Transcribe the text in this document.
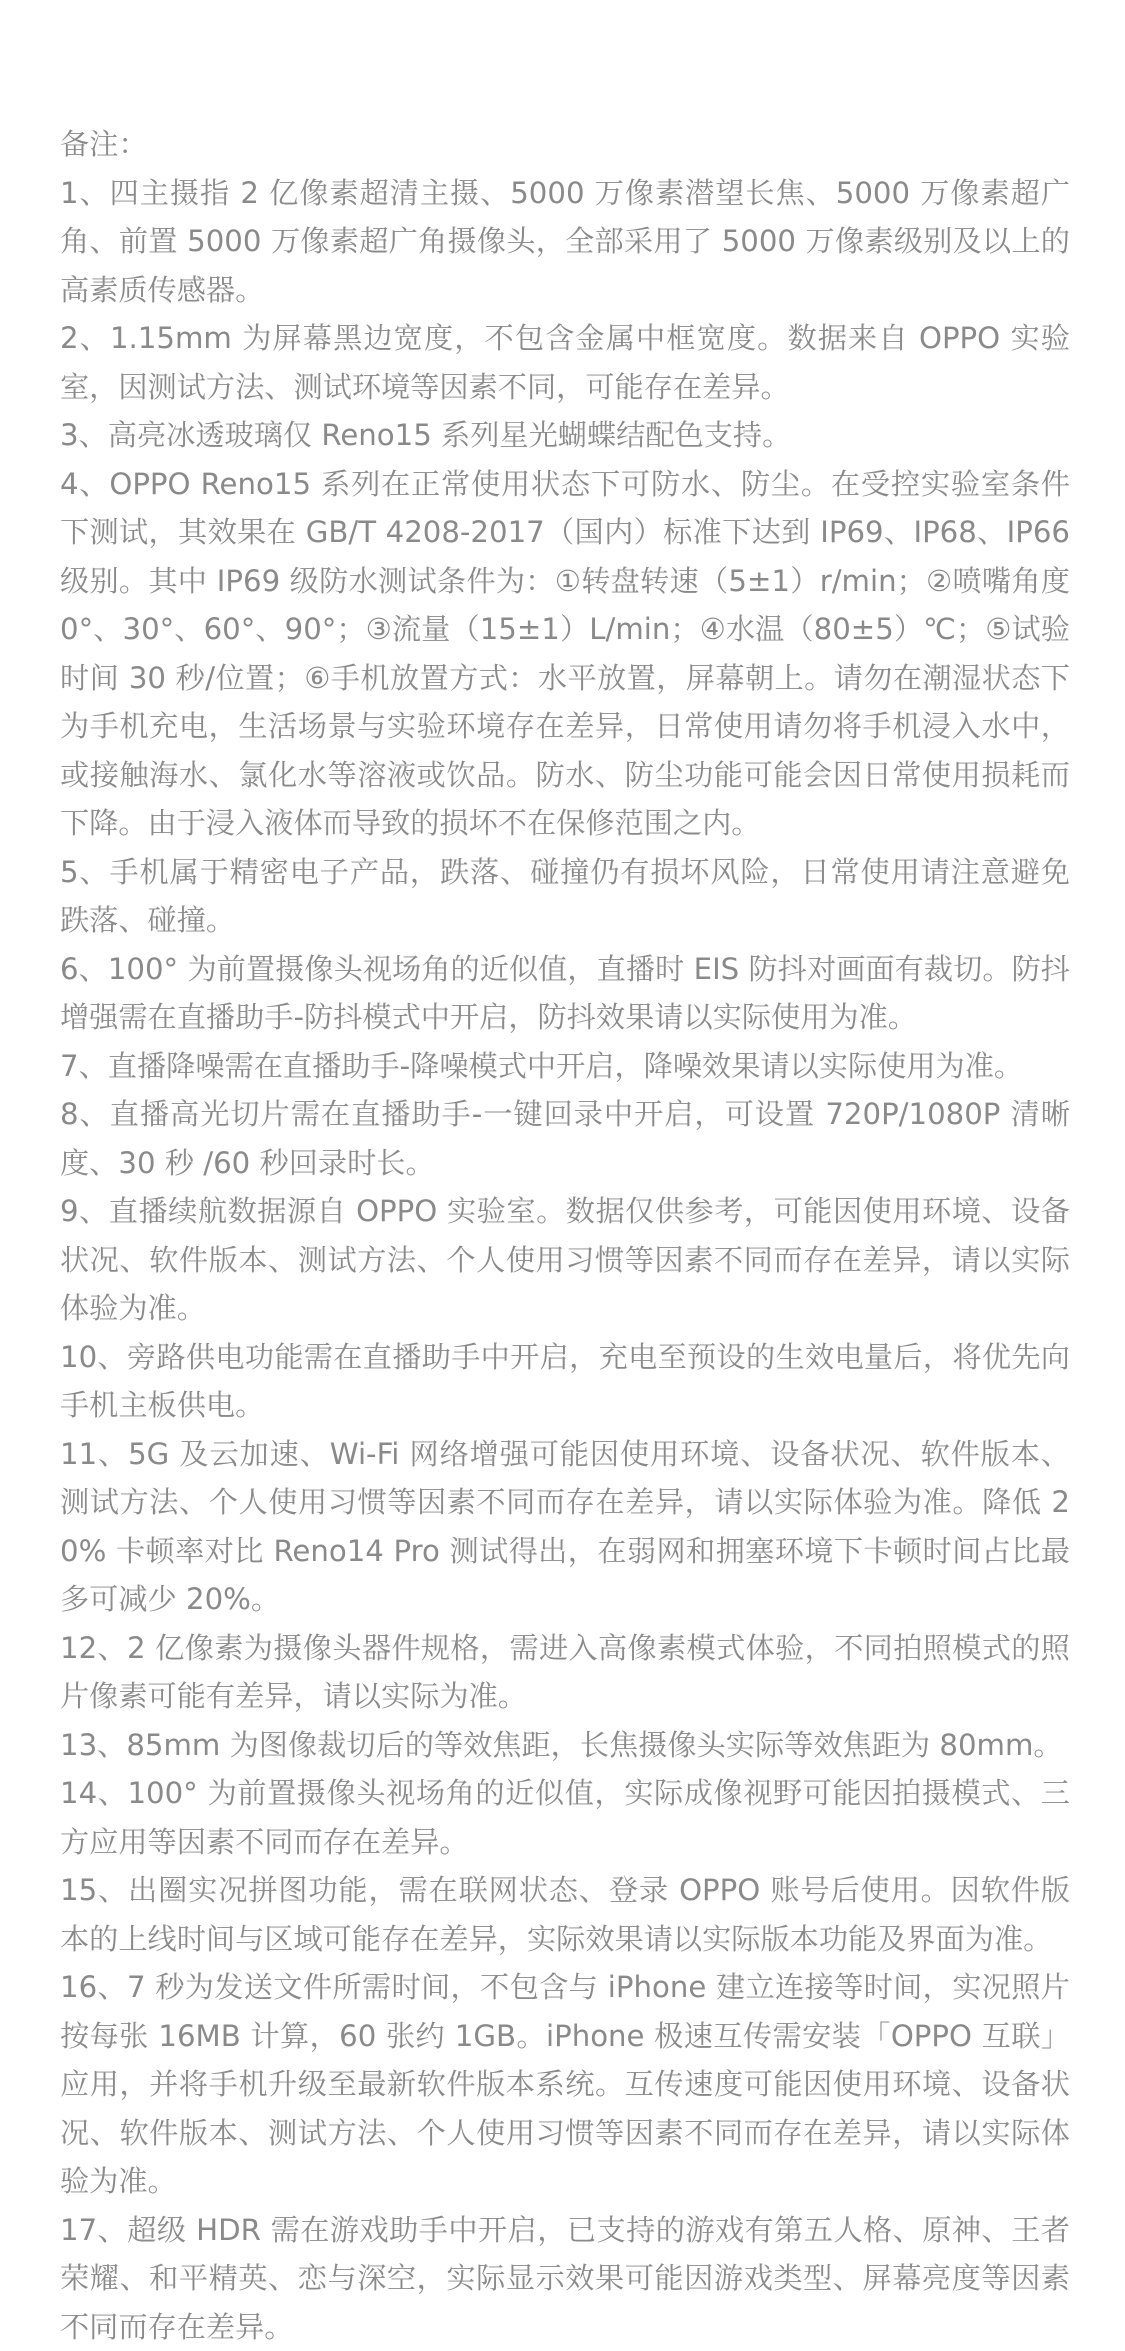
备注：
1、四主摄指 2 亿像素超清主摄、5000 万像素潜望长焦、5000 万像素超广角、前置 5000 万像素超广角摄像头，全部采用了 5000 万像素级别及以上的高素质传感器。
2、1.15mm 为屏幕黑边宽度，不包含金属中框宽度。数据来自 OPPO 实验室，因测试方法、测试环境等因素不同，可能存在差异。
3、高亮冰透玻璃仅 Reno15 系列星光蝴蝶结配色支持。
4、OPPO Reno15 系列在正常使用状态下可防水、防尘。在受控实验室条件下测试，其效果在 GB/T 4208-2017（国内）标准下达到 IP69、IP68、IP66 级别。其中 IP69 级防水测试条件为：①转盘转速（5±1）r/min；②喷嘴角度 0°、30°、60°、90°；③流量（15±1）L/min；④水温（80±5）℃；⑤试验时间 30 秒/位置；⑥手机放置方式：水平放置，屏幕朝上。请勿在潮湿状态下为手机充电，生活场景与实验环境存在差异，日常使用请勿将手机浸入水中，或接触海水、氯化水等溶液或饮品。防水、防尘功能可能会因日常使用损耗而下降。由于浸入液体而导致的损坏不在保修范围之内。
5、手机属于精密电子产品，跌落、碰撞仍有损坏风险，日常使用请注意避免跌落、碰撞。
6、100° 为前置摄像头视场角的近似值，直播时 EIS 防抖对画面有裁切。防抖增强需在直播助手-防抖模式中开启，防抖效果请以实际使用为准。
7、直播降噪需在直播助手-降噪模式中开启，降噪效果请以实际使用为准。
8、直播高光切片需在直播助手-一键回录中开启，可设置 720P/1080P 清晰度、30 秒 /60 秒回录时长。
9、直播续航数据源自 OPPO 实验室。数据仅供参考，可能因使用环境、设备状况、软件版本、测试方法、个人使用习惯等因素不同而存在差异，请以实际体验为准。
10、旁路供电功能需在直播助手中开启，充电至预设的生效电量后，将优先向手机主板供电。
11、5G 及云加速、Wi-Fi 网络增强可能因使用环境、设备状况、软件版本、测试方法、个人使用习惯等因素不同而存在差异，请以实际体验为准。降低 20% 卡顿率对比 Reno14 Pro 测试得出，在弱网和拥塞环境下卡顿时间占比最多可减少 20%。
12、2 亿像素为摄像头器件规格，需进入高像素模式体验，不同拍照模式的照片像素可能有差异，请以实际为准。
13、85mm 为图像裁切后的等效焦距，长焦摄像头实际等效焦距为 80mm。
14、100° 为前置摄像头视场角的近似值，实际成像视野可能因拍摄模式、三方应用等因素不同而存在差异。
15、出圈实况拼图功能，需在联网状态、登录 OPPO 账号后使用。因软件版本的上线时间与区域可能存在差异，实际效果请以实际版本功能及界面为准。
16、7 秒为发送文件所需时间，不包含与 iPhone 建立连接等时间，实况照片按每张 16MB 计算，60 张约 1GB。iPhone 极速互传需安装「OPPO 互联」应用，并将手机升级至最新软件版本系统。互传速度可能因使用环境、设备状况、软件版本、测试方法、个人使用习惯等因素不同而存在差异，请以实际体验为准。
17、超级 HDR 需在游戏助手中开启，已支持的游戏有第五人格、原神、王者荣耀、和平精英、恋与深空，实际显示效果可能因游戏类型、屏幕亮度等因素不同而存在差异。
